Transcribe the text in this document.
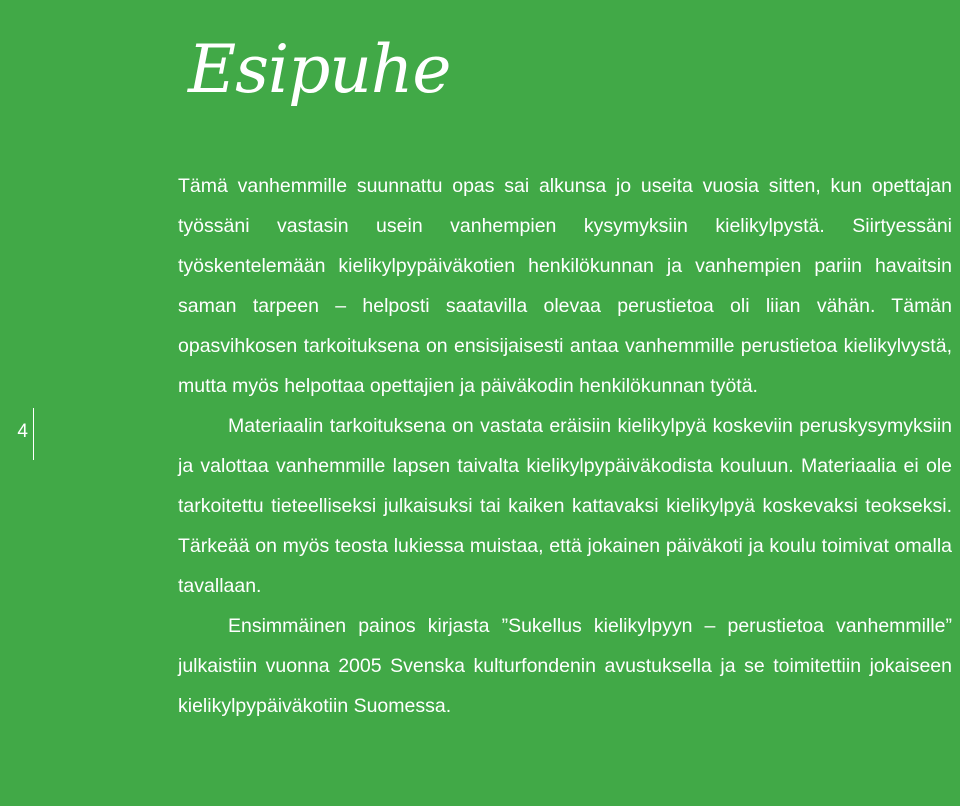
Esipuhe
4

Tämä vanhemmille suunnattu opas sai alkunsa jo useita vuosia sitten, kun opettajan työssäni vastasin usein vanhempien kysymyksiin kielikylpystä. Siirtyessäni työskentelemään kielikylpypäiväkotien henkilökunnan ja vanhempien pariin havaitsin saman tarpeen – helposti saatavilla olevaa perustietoa oli liian vähän. Tämän opasvihkosen tarkoituksena on ensisijaisesti antaa vanhemmille perustietoa kielikylvystä, mutta myös helpottaa opettajien ja päiväkodin henkilökunnan työtä.

Materiaalin tarkoituksena on vastata eräisiin kielikylpyä koskeviin peruskysymyksiin ja valottaa vanhemmille lapsen taivalta kielikylpypäiväkodista kouluun. Materiaalia ei ole tarkoitettu tieteelliseksi julkaisuksi tai kaiken kattavaksi kielikylpyä koskevaksi teokseksi. Tärkeää on myös teosta lukiessa muistaa, että jokainen päiväkoti ja koulu toimivat omalla tavallaan.

Ensimmäinen painos kirjasta ”Sukellus kielikylpyyn – perustietoa vanhemmille” julkaistiin vuonna 2005 Svenska kulturfondenin avustuksella ja se toimitettiin jokaiseen kielikylpypäiväkotiin Suomessa.
